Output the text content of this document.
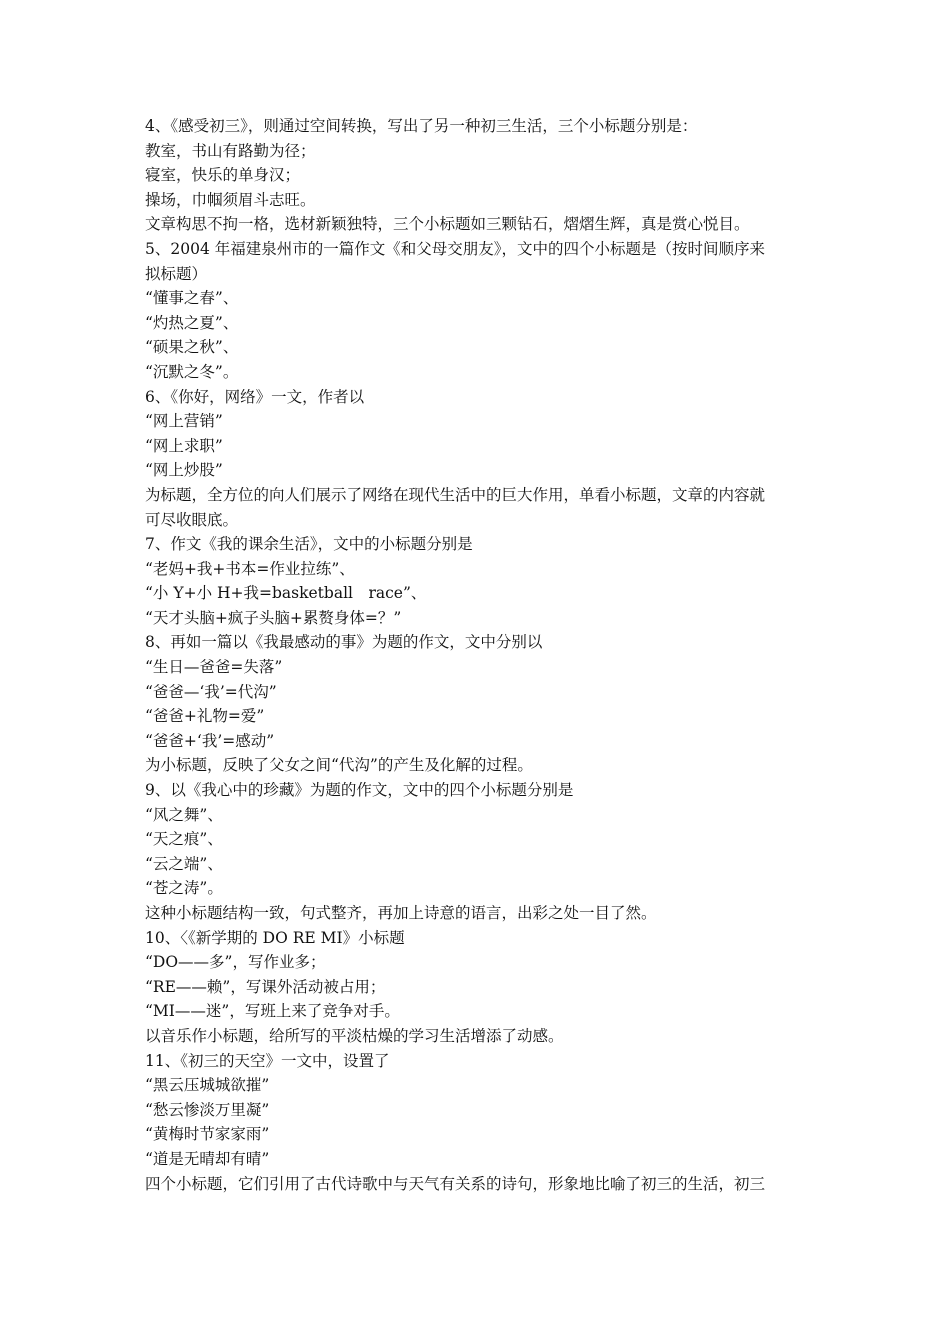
4、《感受初三》，则通过空间转换，写出了另一种初三生活，三个小标题分别是：
教室，书山有路勤为径；
寝室，快乐的单身汉；
操场，巾帼须眉斗志旺。
文章构思不拘一格，选材新颖独特，三个小标题如三颗钻石，熠熠生辉，真是赏心悦目。
5、2004 年福建泉州市的一篇作文《和父母交朋友》，文中的四个小标题是（按时间顺序来
拟标题）
“懂事之春”、
“灼热之夏”、
“硕果之秋”、
“沉默之冬”。
6、《你好，网络》一文，作者以
“网上营销”
“网上求职”
“网上炒股”
为标题，全方位的向人们展示了网络在现代生活中的巨大作用，单看小标题，文章的内容就
可尽收眼底。
7、作文《我的课余生活》，文中的小标题分别是
“老妈+我+书本=作业拉练”、
“小 Y+小 H+我=basketball　race”、
“天才头脑+疯子头脑+累赘身体=？”
8、再如一篇以《我最感动的事》为题的作文，文中分别以
“生日—爸爸=失落”
“爸爸—‘我’=代沟”
“爸爸+礼物=爱”
“爸爸+‘我’=感动”
为小标题，反映了父女之间“代沟”的产生及化解的过程。
9、以《我心中的珍藏》为题的作文，文中的四个小标题分别是
“风之舞”、
“天之痕”、
“云之端”、
“苍之涛”。
这种小标题结构一致，句式整齐，再加上诗意的语言，出彩之处一目了然。
10、〈《新学期的 DO RE MI》小标题
“DO——多”，写作业多；
“RE——赖”，写课外活动被占用；
“MI——迷”，写班上来了竞争对手。
以音乐作小标题，给所写的平淡枯燥的学习生活增添了动感。
11、《初三的天空》一文中，设置了
“黑云压城城欲摧”
“愁云惨淡万里凝”
“黄梅时节家家雨”
“道是无晴却有晴”
四个小标题，它们引用了古代诗歌中与天气有关系的诗句，形象地比喻了初三的生活，初三
